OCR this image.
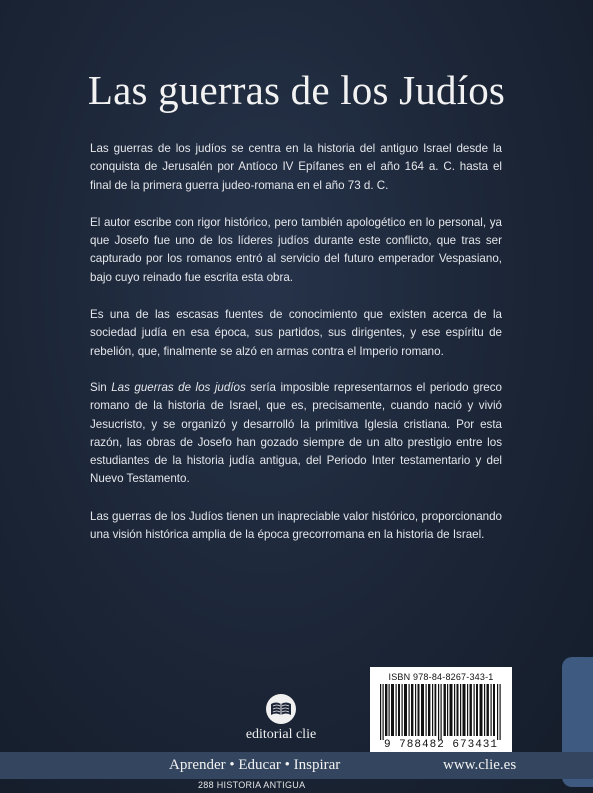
Las guerras de los Judíos

Las guerras de los judíos se centra en la historia del antiguo Israel desde la conquista de Jerusalén por Antíoco IV Epífanes en el año 164 a. C. hasta el final de la primera guerra judeo-romana en el año 73 d. C.

El autor escribe con rigor histórico, pero también apologético en lo personal, ya que Josefo fue uno de los líderes judíos durante este conflicto, que tras ser capturado por los romanos entró al servicio del futuro emperador Vespasiano, bajo cuyo reinado fue escrita esta obra.

Es una de las escasas fuentes de conocimiento que existen acerca de la sociedad judía en esa época, sus partidos, sus dirigentes, y ese espíritu de rebelión, que, finalmente se alzó en armas contra el Imperio romano.

Sin Las guerras de los judíos sería imposible representarnos el periodo greco romano de la historia de Israel, que es, precisamente, cuando nació y vivió Jesucristo, y se organizó y desarrolló la primitiva Iglesia cristiana. Por esta razón, las obras de Josefo han gozado siempre de un alto prestigio entre los estudiantes de la historia judía antigua, del Periodo Inter testamentario y del Nuevo Testamento.

Las guerras de los Judíos tienen un inapreciable valor histórico, proporcionando una visión histórica amplia de la época grecorromana en la historia de Israel.

editorial clie
ISBN 978-84-8267-343-1
9 788482 673431
Aprender • Educar • Inspirar	www.clie.es
288 HISTORIA ANTIGUA
